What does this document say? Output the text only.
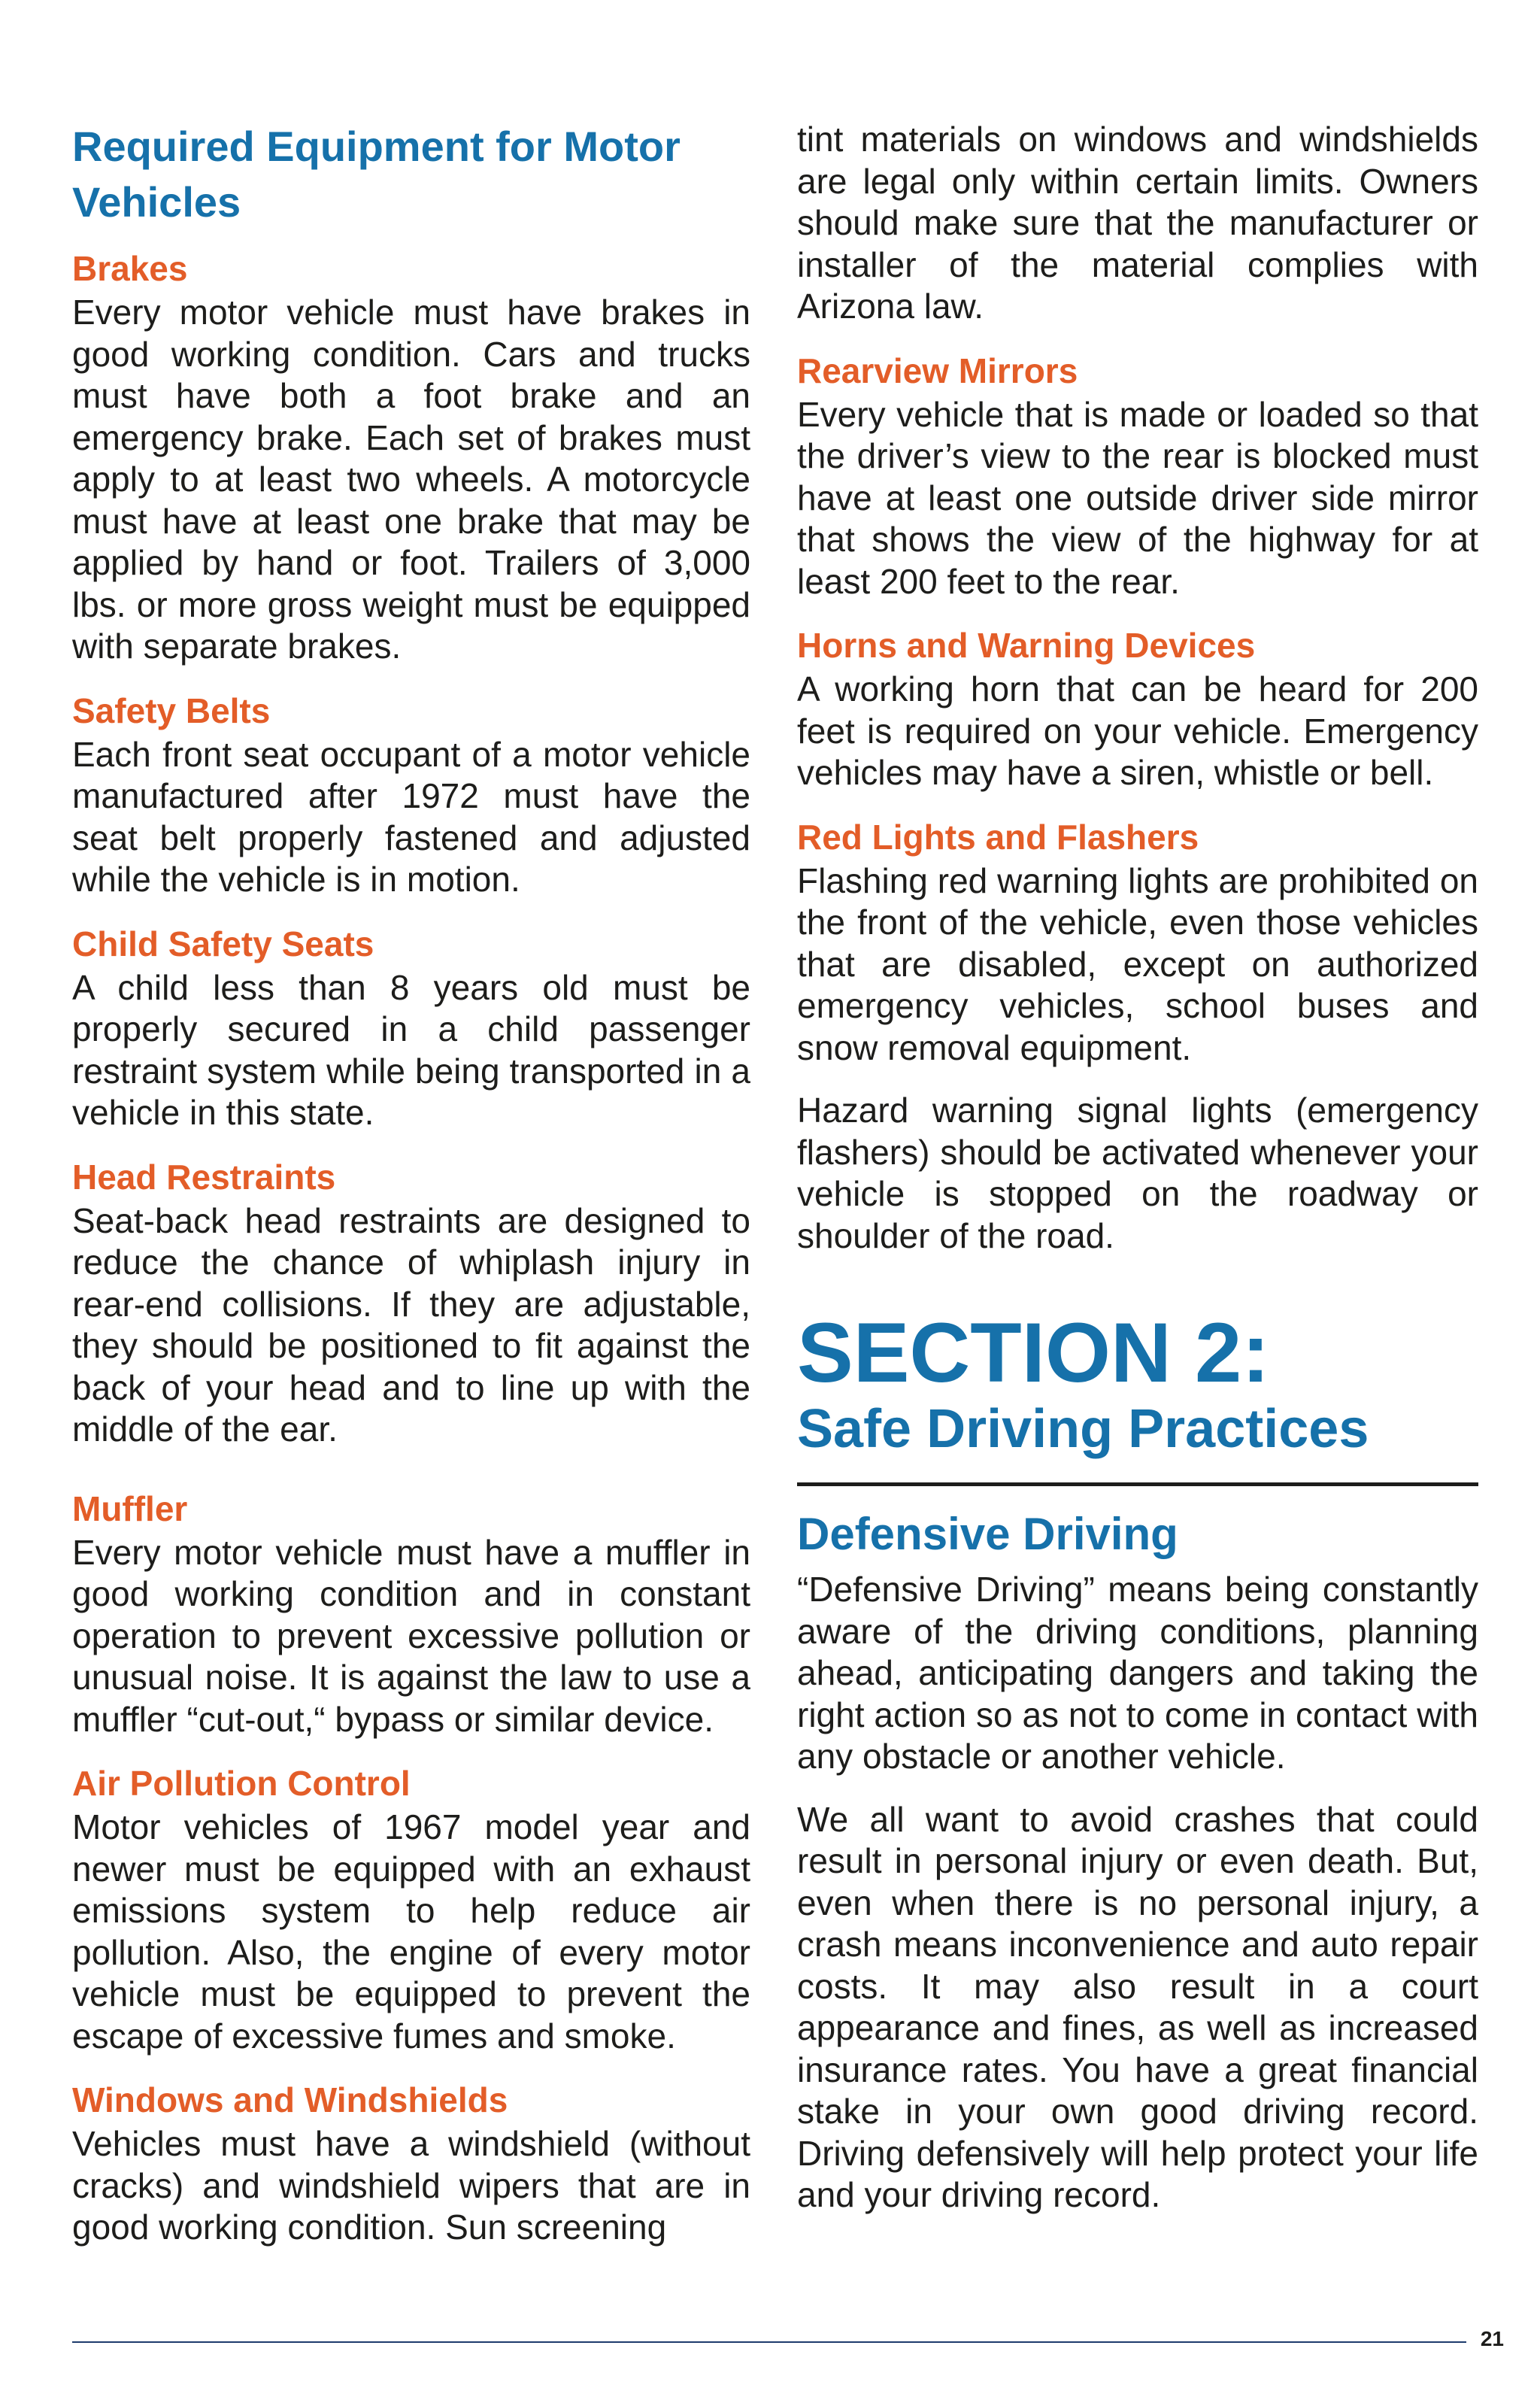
Required Equipment for Motor Vehicles
Brakes

Every motor vehicle must have brakes in good working condition. Cars and trucks must have both a foot brake and an emergency brake. Each set of brakes must apply to at least two wheels. A motorcycle must have at least one brake that may be applied by hand or foot. Trailers of 3,000 lbs. or more gross weight must be equipped with separate brakes.

Safety Belts

Each front seat occupant of a motor vehicle manufactured after 1972 must have the seat belt properly fastened and adjusted while the vehicle is in motion.

Child Safety Seats

A child less than 8 years old must be properly secured in a child passenger restraint system while being transported in a vehicle in this state.

Head Restraints

Seat-back head restraints are designed to reduce the chance of whiplash injury in rear-end collisions. If they are adjustable, they should be positioned to fit against the back of your head and to line up with the middle of the ear.

Muffler

Every motor vehicle must have a muffler in good working condition and in constant operation to prevent excessive pollution or unusual noise. It is against the law to use a muffler “cut-out,“ bypass or similar device.

Air Pollution Control

Motor vehicles of 1967 model year and newer must be equipped with an exhaust emissions system to help reduce air pollution. Also, the engine of every motor vehicle must be equipped to prevent the escape of excessive fumes and smoke.

Windows and Windshields

Vehicles must have a windshield (without cracks) and windshield wipers that are in good working condition. Sun screening

tint materials on windows and windshields are legal only within certain limits. Owners should make sure that the manufacturer or installer of the material complies with Arizona law.

Rearview Mirrors

Every vehicle that is made or loaded so that the driver’s view to the rear is blocked must have at least one outside driver side mirror that shows the view of the highway for at least 200 feet to the rear.

Horns and Warning Devices

A working horn that can be heard for 200 feet is required on your vehicle. Emergency vehicles may have a siren, whistle or bell.

Red Lights and Flashers

Flashing red warning lights are prohibited on the front of the vehicle, even those vehicles that are disabled, except on authorized emergency vehicles, school buses and snow removal equipment.

Hazard warning signal lights (emergency flashers) should be activated whenever your vehicle is stopped on the roadway or shoulder of the road.

SECTION 2:
Safe Driving Practices
Defensive Driving

“Defensive Driving” means being constantly aware of the driving conditions, planning ahead, anticipating dangers and taking the right action so as not to come in contact with any obstacle or another vehicle.

We all want to avoid crashes that could result in personal injury or even death. But, even when there is no personal injury, a crash means inconvenience and auto repair costs. It may also result in a court appearance and fines, as well as increased insurance rates. You have a great financial stake in your own good driving record. Driving defensively will help protect your life and your driving record.

21
